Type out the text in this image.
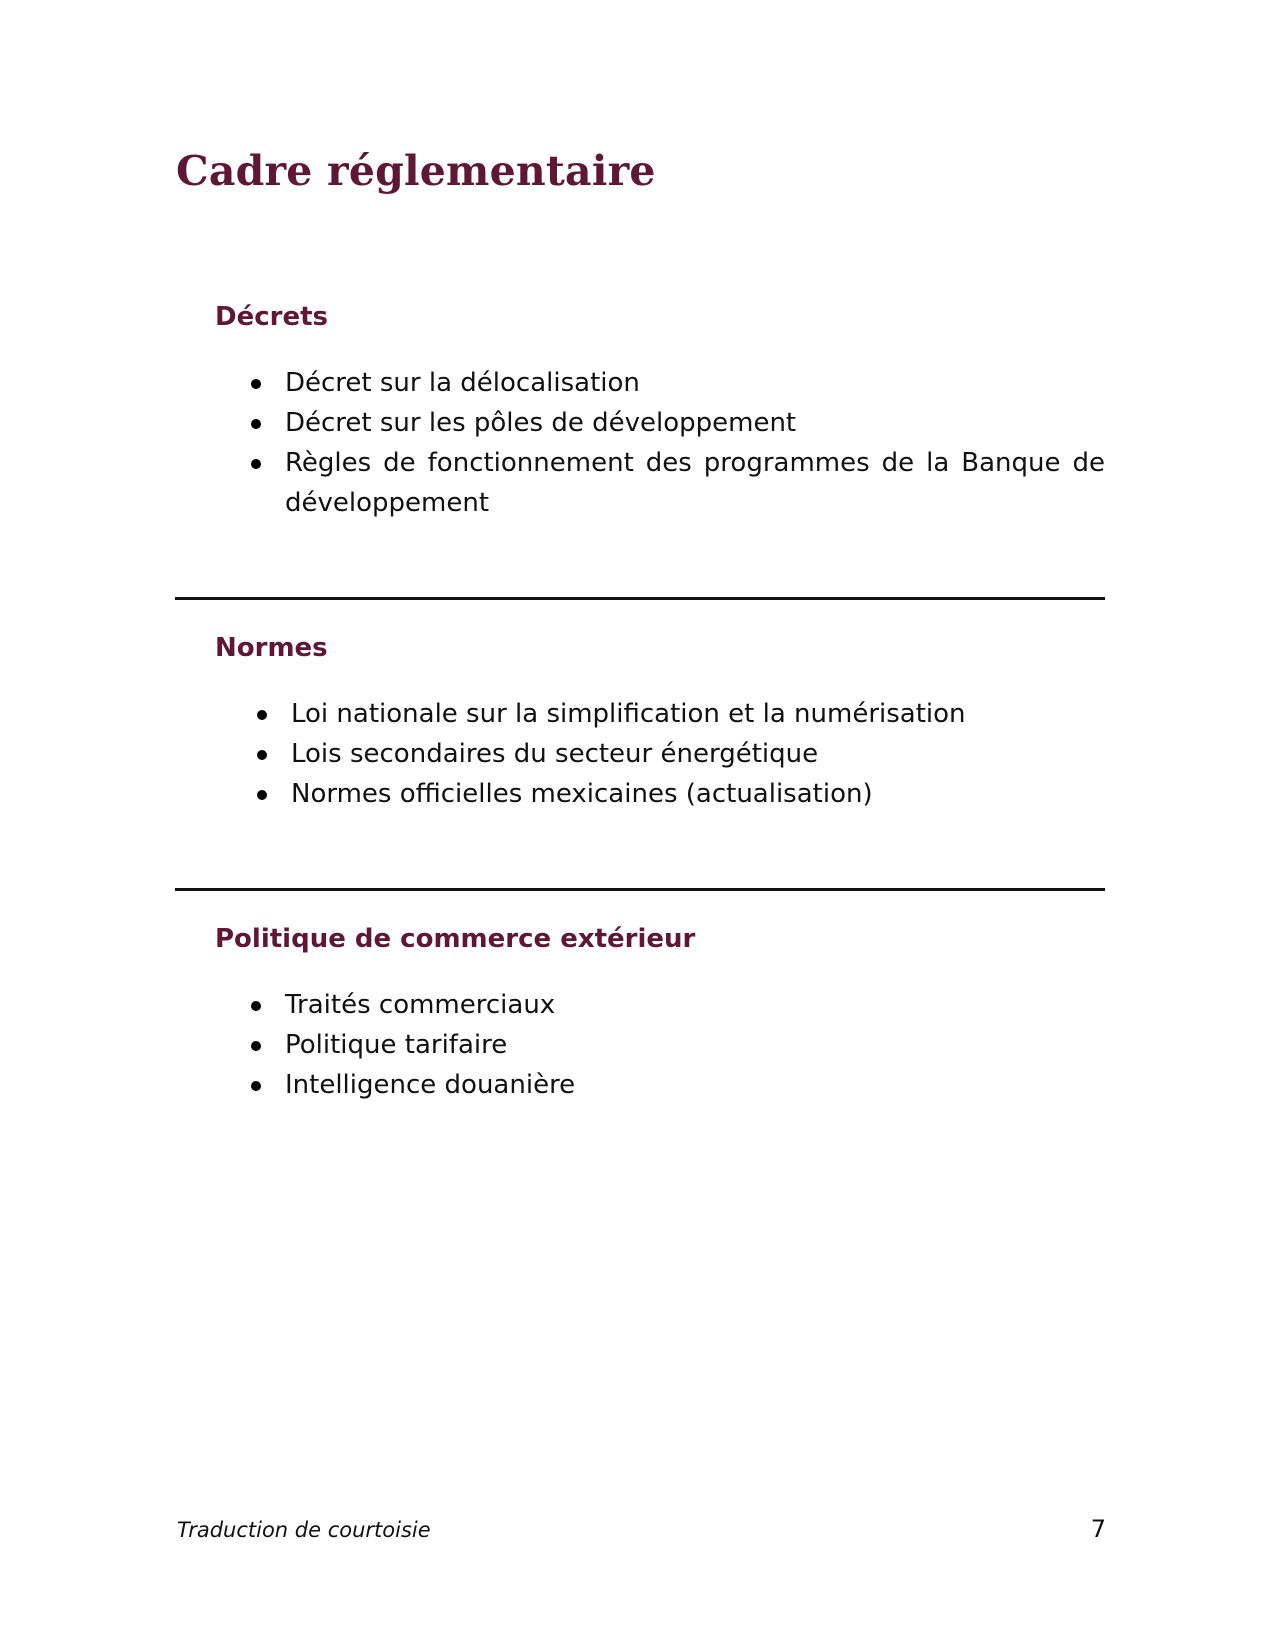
Cadre réglementaire
Décrets
Décret sur la délocalisation
Décret sur les pôles de développement
Règles de fonctionnement des programmes de la Banque de développement
Normes
Loi nationale sur la simplification et la numérisation
Lois secondaires du secteur énergétique
Normes officielles mexicaines (actualisation)
Politique de commerce extérieur
Traités commerciaux
Politique tarifaire
Intelligence douanière
Traduction de courtoisie	7
